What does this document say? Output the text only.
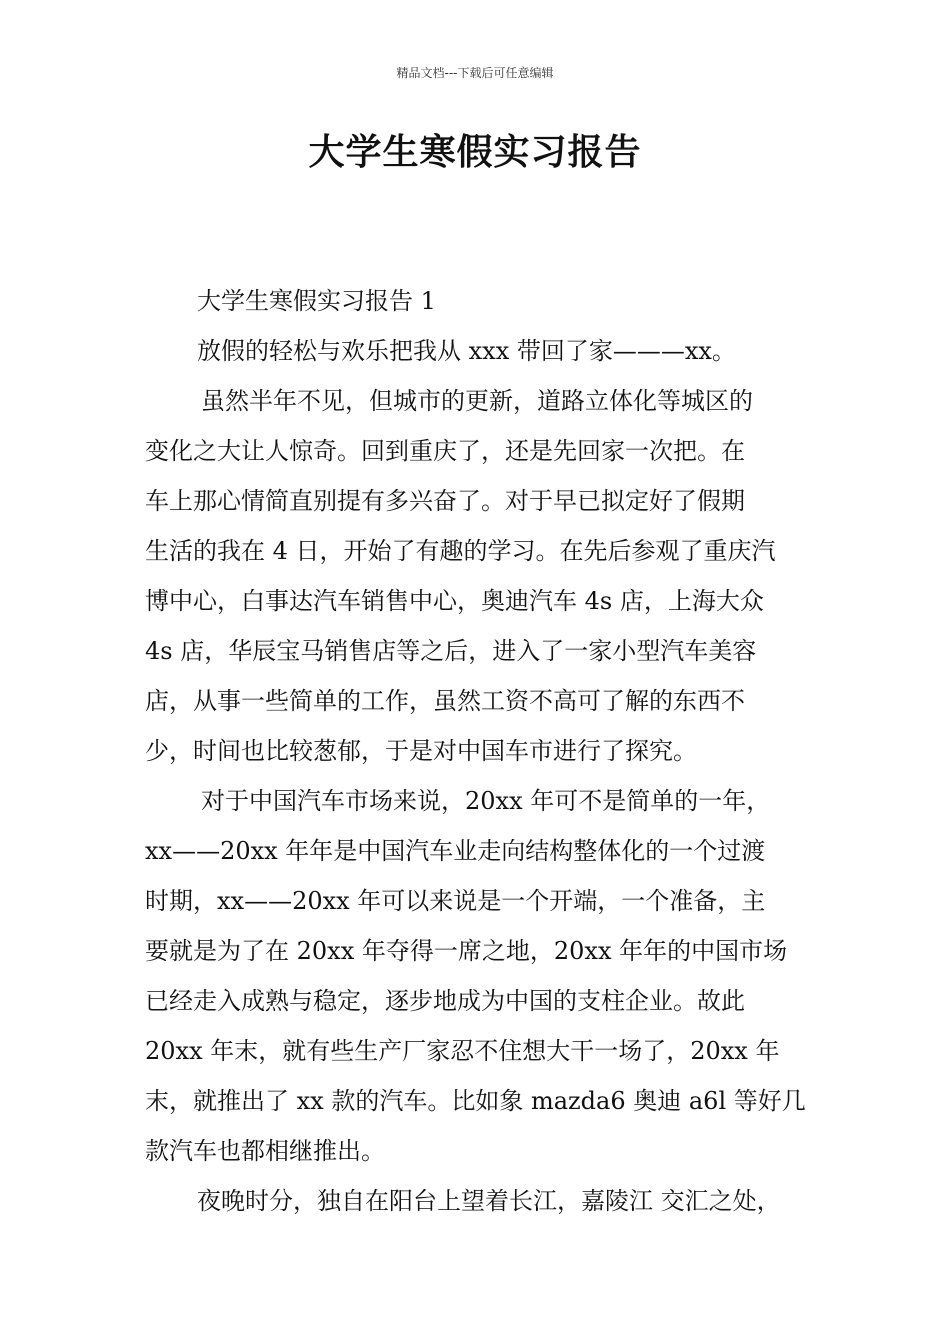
精品文档---下载后可任意编辑
大学生寒假实习报告
大学生寒假实习报告 1
放假的轻松与欢乐把我从 xxx 带回了家———xx。
虽然半年不见，但城市的更新，道路立体化等城区的
变化之大让人惊奇。回到重庆了，还是先回家一次把。在
车上那心情简直别提有多兴奋了。对于早已拟定好了假期
生活的我在 4 日，开始了有趣的学习。在先后参观了重庆汽
博中心，白事达汽车销售中心，奥迪汽车 4s 店，上海大众
4s 店，华辰宝马销售店等之后，进入了一家小型汽车美容
店，从事一些简单的工作，虽然工资不高可了解的东西不
少，时间也比较葱郁，于是对中国车市进行了探究。
对于中国汽车市场来说，20xx 年可不是简单的一年，
xx——20xx 年年是中国汽车业走向结构整体化的一个过渡
时期，xx——20xx 年可以来说是一个开端，一个准备，主
要就是为了在 20xx 年夺得一席之地，20xx 年年的中国市场
已经走入成熟与稳定，逐步地成为中国的支柱企业。故此
20xx 年末，就有些生产厂家忍不住想大干一场了，20xx 年
末，就推出了 xx 款的汽车。比如象 mazda6 奥迪 a6l 等好几
款汽车也都相继推出。
夜晚时分，独自在阳台上望着长江，嘉陵江 交汇之处，
